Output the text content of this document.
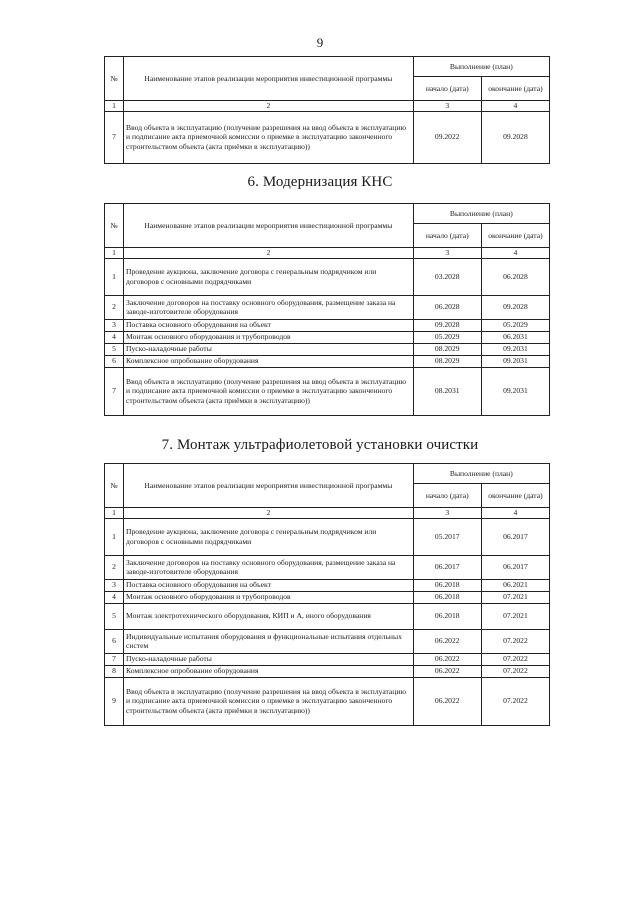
9
№	Наименование этапов реализации мероприятия инвестиционной программы	Выполнение (план)	
		начало (дата)	окончание (дата)
1	2	3	4
7	Ввод объекта в эксплуатацию (получение разрешения на ввод объекта в эксплуатацию и подписание акта приемочной комиссии о приемке в эксплуатацию законченного строительством объекта (акта приёмки в эксплуатацию))	09.2022	09.2028
6. Модернизация КНС
№	Наименование этапов реализации мероприятия инвестиционной программы	Выполнение (план)	
		начало (дата)	окончание (дата)
1	2	3	4
1	Проведение аукциона, заключение договора с генеральным подрядчиком или договоров с основными подрядчиками	03.2028	06.2028
2	Заключение договоров на поставку основного оборудования, размещение заказа на заводе-изготовителе оборудования	06.2028	09.2028
3	Поставка основного оборудования на объект	09.2028	05.2029
4	Монтаж основного оборудования и трубопроводов	05.2029	06.2031
5	Пуско-наладочные работы	08.2029	09.2031
6	Комплексное опробование оборудования	08.2029	09.2031
7	Ввод объекта в эксплуатацию (получение разрешения на ввод объекта в эксплуатацию и подписание акта приемочной комиссии о приемке в эксплуатацию законченного строительством объекта (акта приёмки в эксплуатацию))	08.2031	09.2031
7. Монтаж ультрафиолетовой установки очистки
№	Наименование этапов реализации мероприятия инвестиционной программы	Выполнение (план)	
		начало (дата)	окончание (дата)
1	2	3	4
1	Проведение аукциона, заключение договора с генеральным подрядчиком или договоров с основными подрядчиками	05.2017	06.2017
2	Заключение договоров на поставку основного оборудования, размещение заказа на заводе-изготовителе оборудования	06.2017	06.2017
3	Поставка основного оборудования на объект	06.2018	06.2021
4	Монтаж основного оборудования и трубопроводов	06.2018	07.2021
5	Монтаж электротехнического оборудования, КИП и А, иного оборудования	06.2018	07.2021
6	Индивидуальные испытания оборудования и функциональные испытания отдельных систем	06.2022	07.2022
7	Пуско-наладочные работы	06.2022	07.2022
8	Комплексное опробование оборудования	06.2022	07.2022
9	Ввод объекта в эксплуатацию (получение разрешения на ввод объекта в эксплуатацию и подписание акта приемочной комиссии о приемке в эксплуатацию законченного строительством объекта (акта приёмки в эксплуатацию))	06.2022	07.2022
